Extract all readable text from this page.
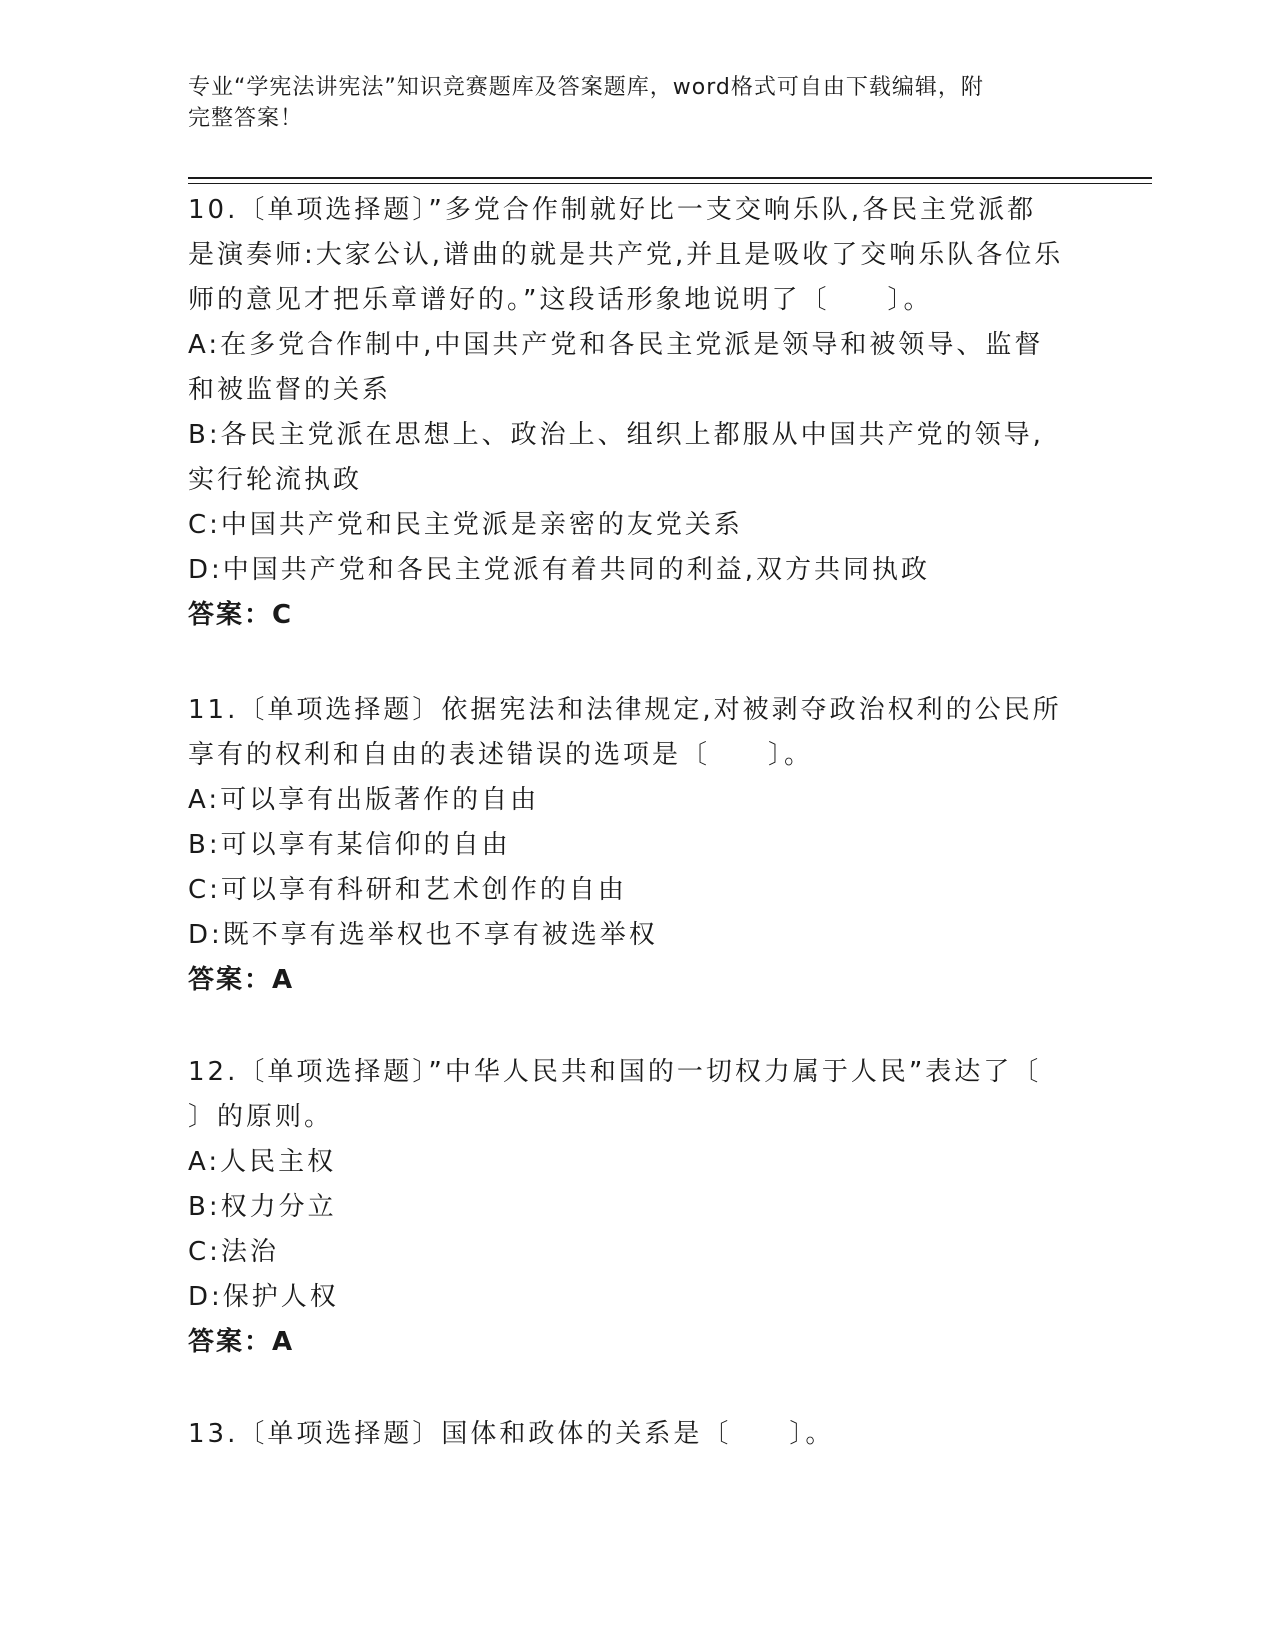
专业“学宪法讲宪法”知识竞赛题库及答案题库，word格式可自由下载编辑，附
完整答案！
10.〔单项选择题〕”多党合作制就好比一支交响乐队,各民主党派都
是演奏师:大家公认,谱曲的就是共产党,并且是吸收了交响乐队各位乐
师的意见才把乐章谱好的。”这段话形象地说明了〔　　〕。
A:在多党合作制中,中国共产党和各民主党派是领导和被领导、监督
和被监督的关系
B:各民主党派在思想上、政治上、组织上都服从中国共产党的领导,
实行轮流执政
C:中国共产党和民主党派是亲密的友党关系
D:中国共产党和各民主党派有着共同的利益,双方共同执政
答案：C
11.〔单项选择题〕依据宪法和法律规定,对被剥夺政治权利的公民所
享有的权利和自由的表述错误的选项是〔　　〕。
A:可以享有出版著作的自由
B:可以享有某信仰的自由
C:可以享有科研和艺术创作的自由
D:既不享有选举权也不享有被选举权
答案：A
12.〔单项选择题〕”中华人民共和国的一切权力属于人民”表达了〔
〕的原则。
A:人民主权
B:权力分立
C:法治
D:保护人权
答案：A
13.〔单项选择题〕国体和政体的关系是〔　　〕。
